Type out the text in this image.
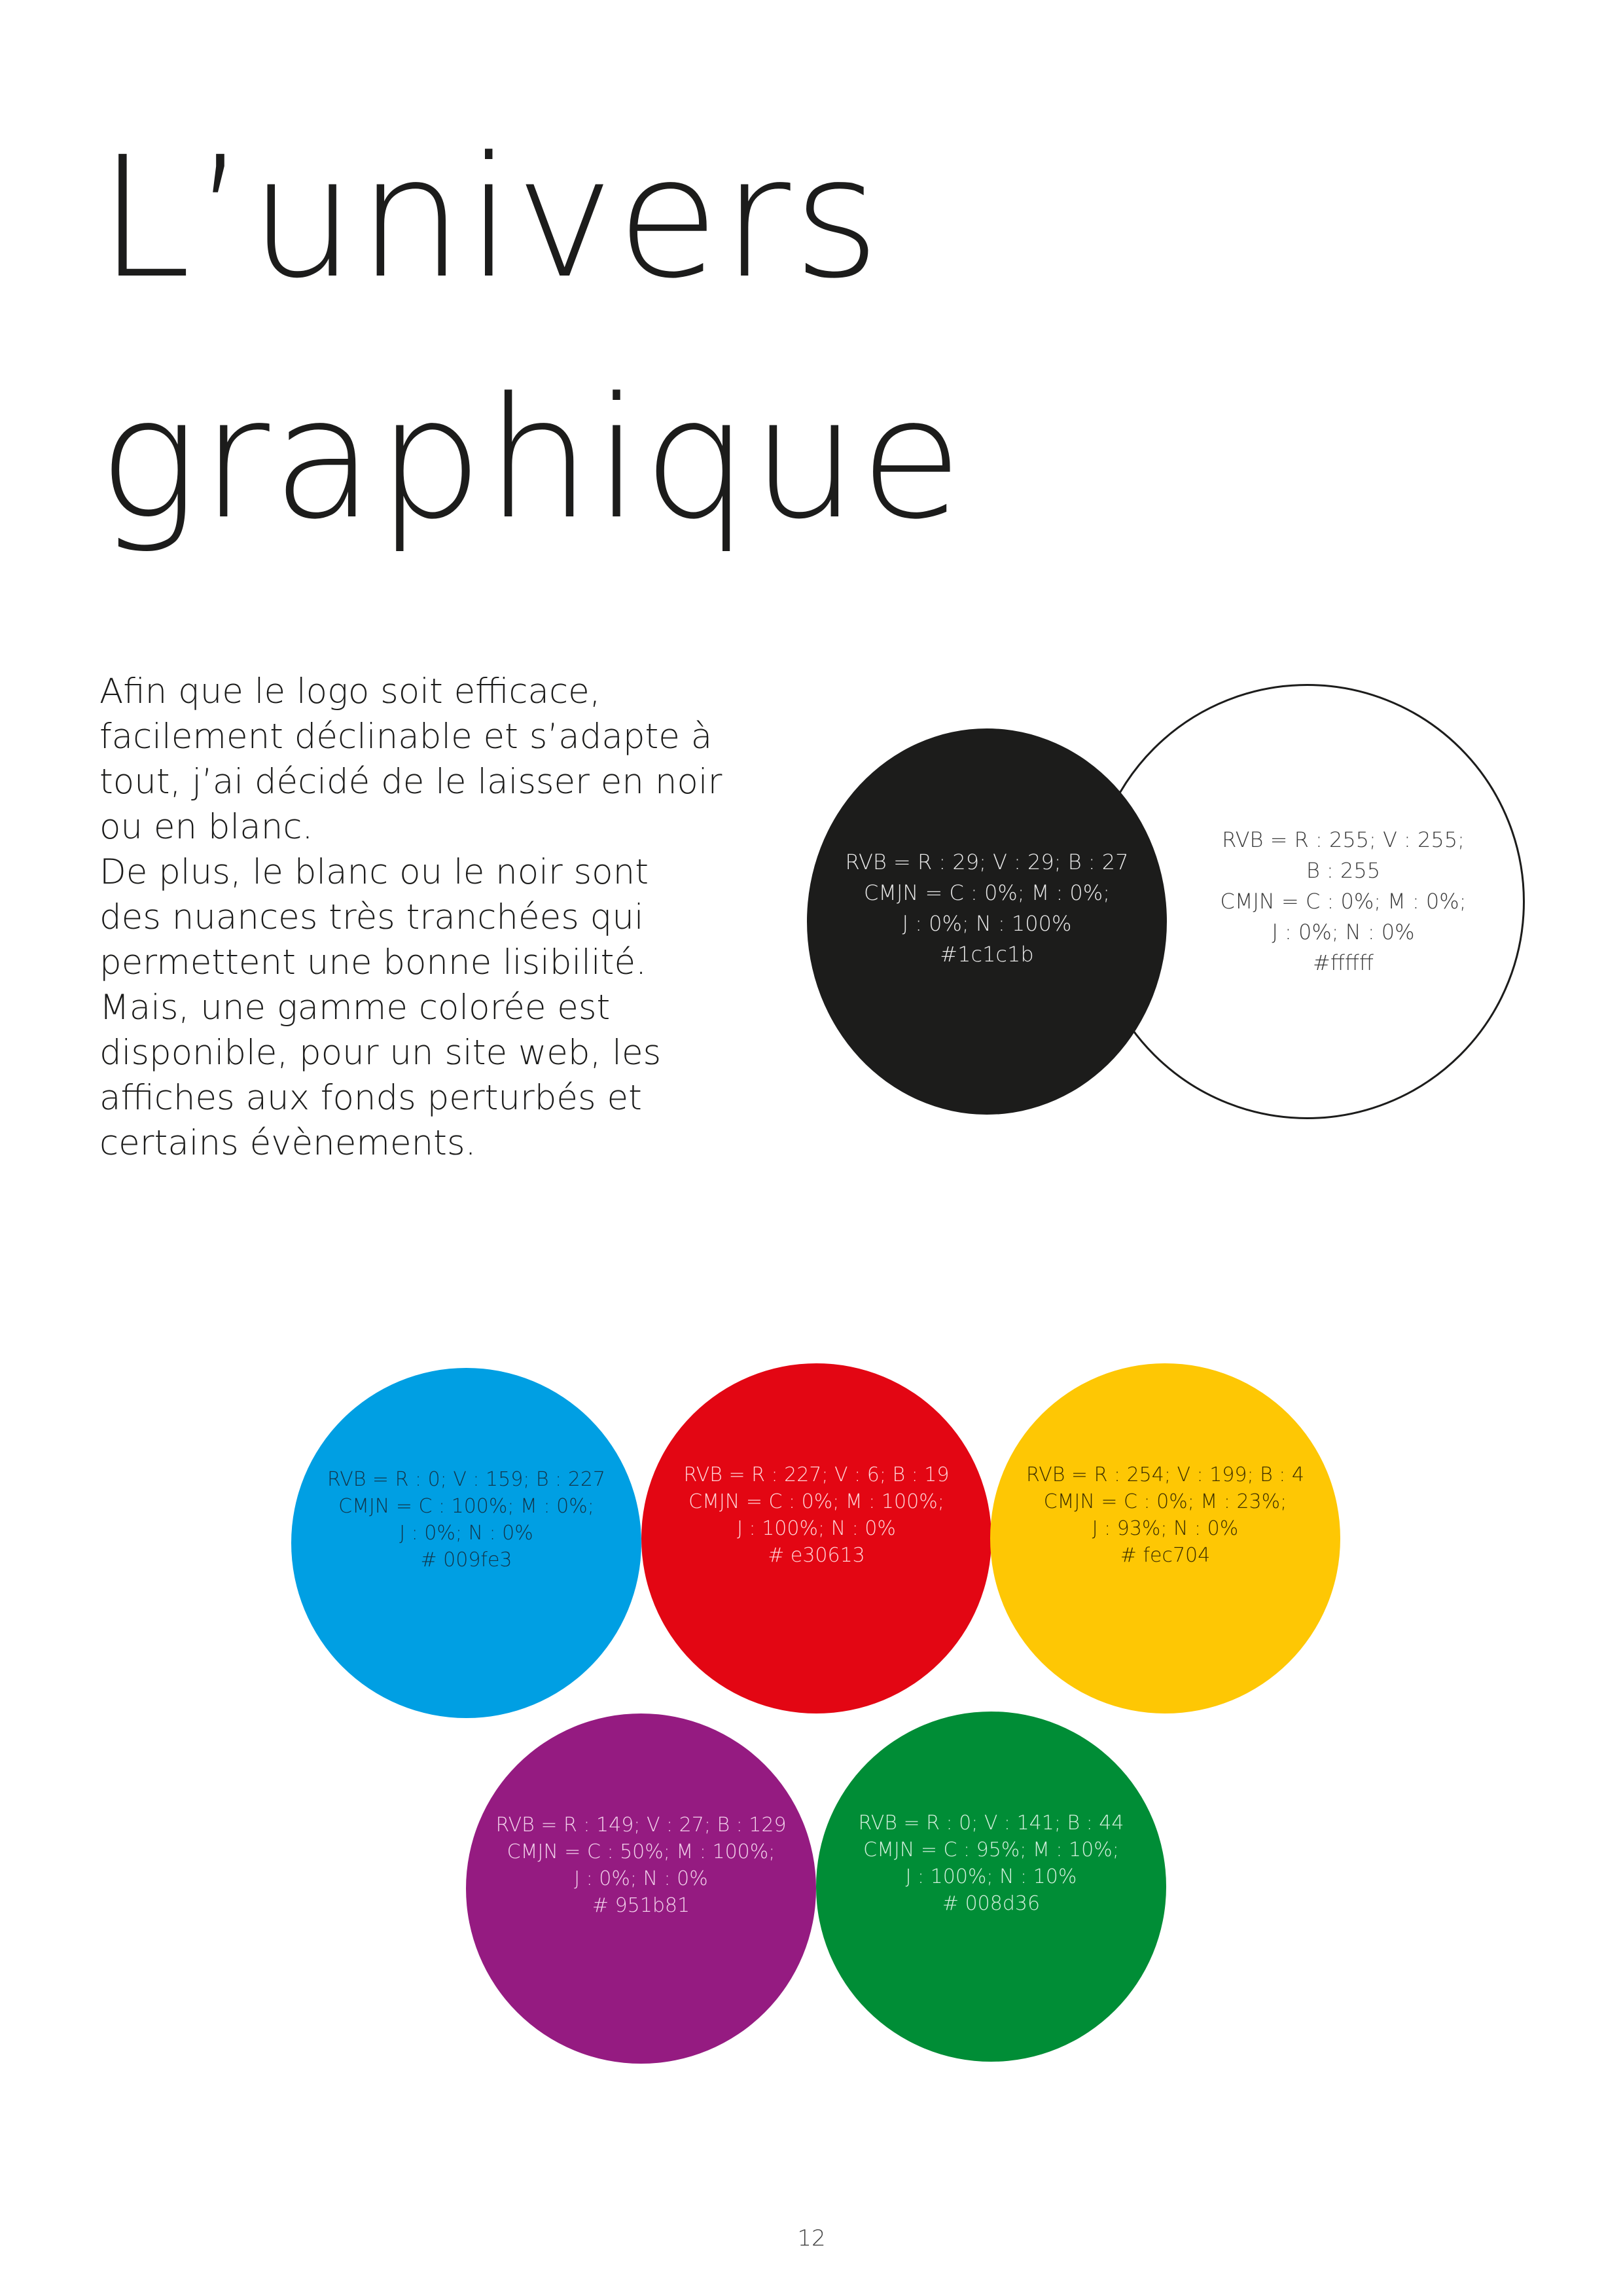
L’univers
graphique

Afin que le logo soit efficace,
facilement déclinable et s’adapte à
tout, j’ai décidé de le laisser en noir
ou en blanc.
De plus, le blanc ou le noir sont
des nuances très tranchées qui
permettent une bonne lisibilité.
Mais, une gamme colorée est
disponible, pour un site web, les
affiches aux fonds perturbés et
certains évènements.

RVB = R : 255; V : 255;
B : 255
CMJN = C : 0%; M : 0%;
J : 0%; N : 0%
#ffffff
RVB = R : 29; V : 29; B : 27
CMJN = C : 0%; M : 0%;
J : 0%; N : 100%
#1c1c1b
RVB = R : 0; V : 159; B : 227
CMJN = C : 100%; M : 0%;
J : 0%; N : 0%
# 009fe3
RVB = R : 227; V : 6; B : 19
CMJN = C : 0%; M : 100%;
J : 100%; N : 0%
# e30613
RVB = R : 254; V : 199; B : 4
CMJN = C : 0%; M : 23%;
J : 93%; N : 0%
# fec704
RVB = R : 149; V : 27; B : 129
CMJN = C : 50%; M : 100%;
J : 0%; N : 0%
# 951b81
RVB = R : 0; V : 141; B : 44
CMJN = C : 95%; M : 10%;
J : 100%; N : 10%
# 008d36
12
